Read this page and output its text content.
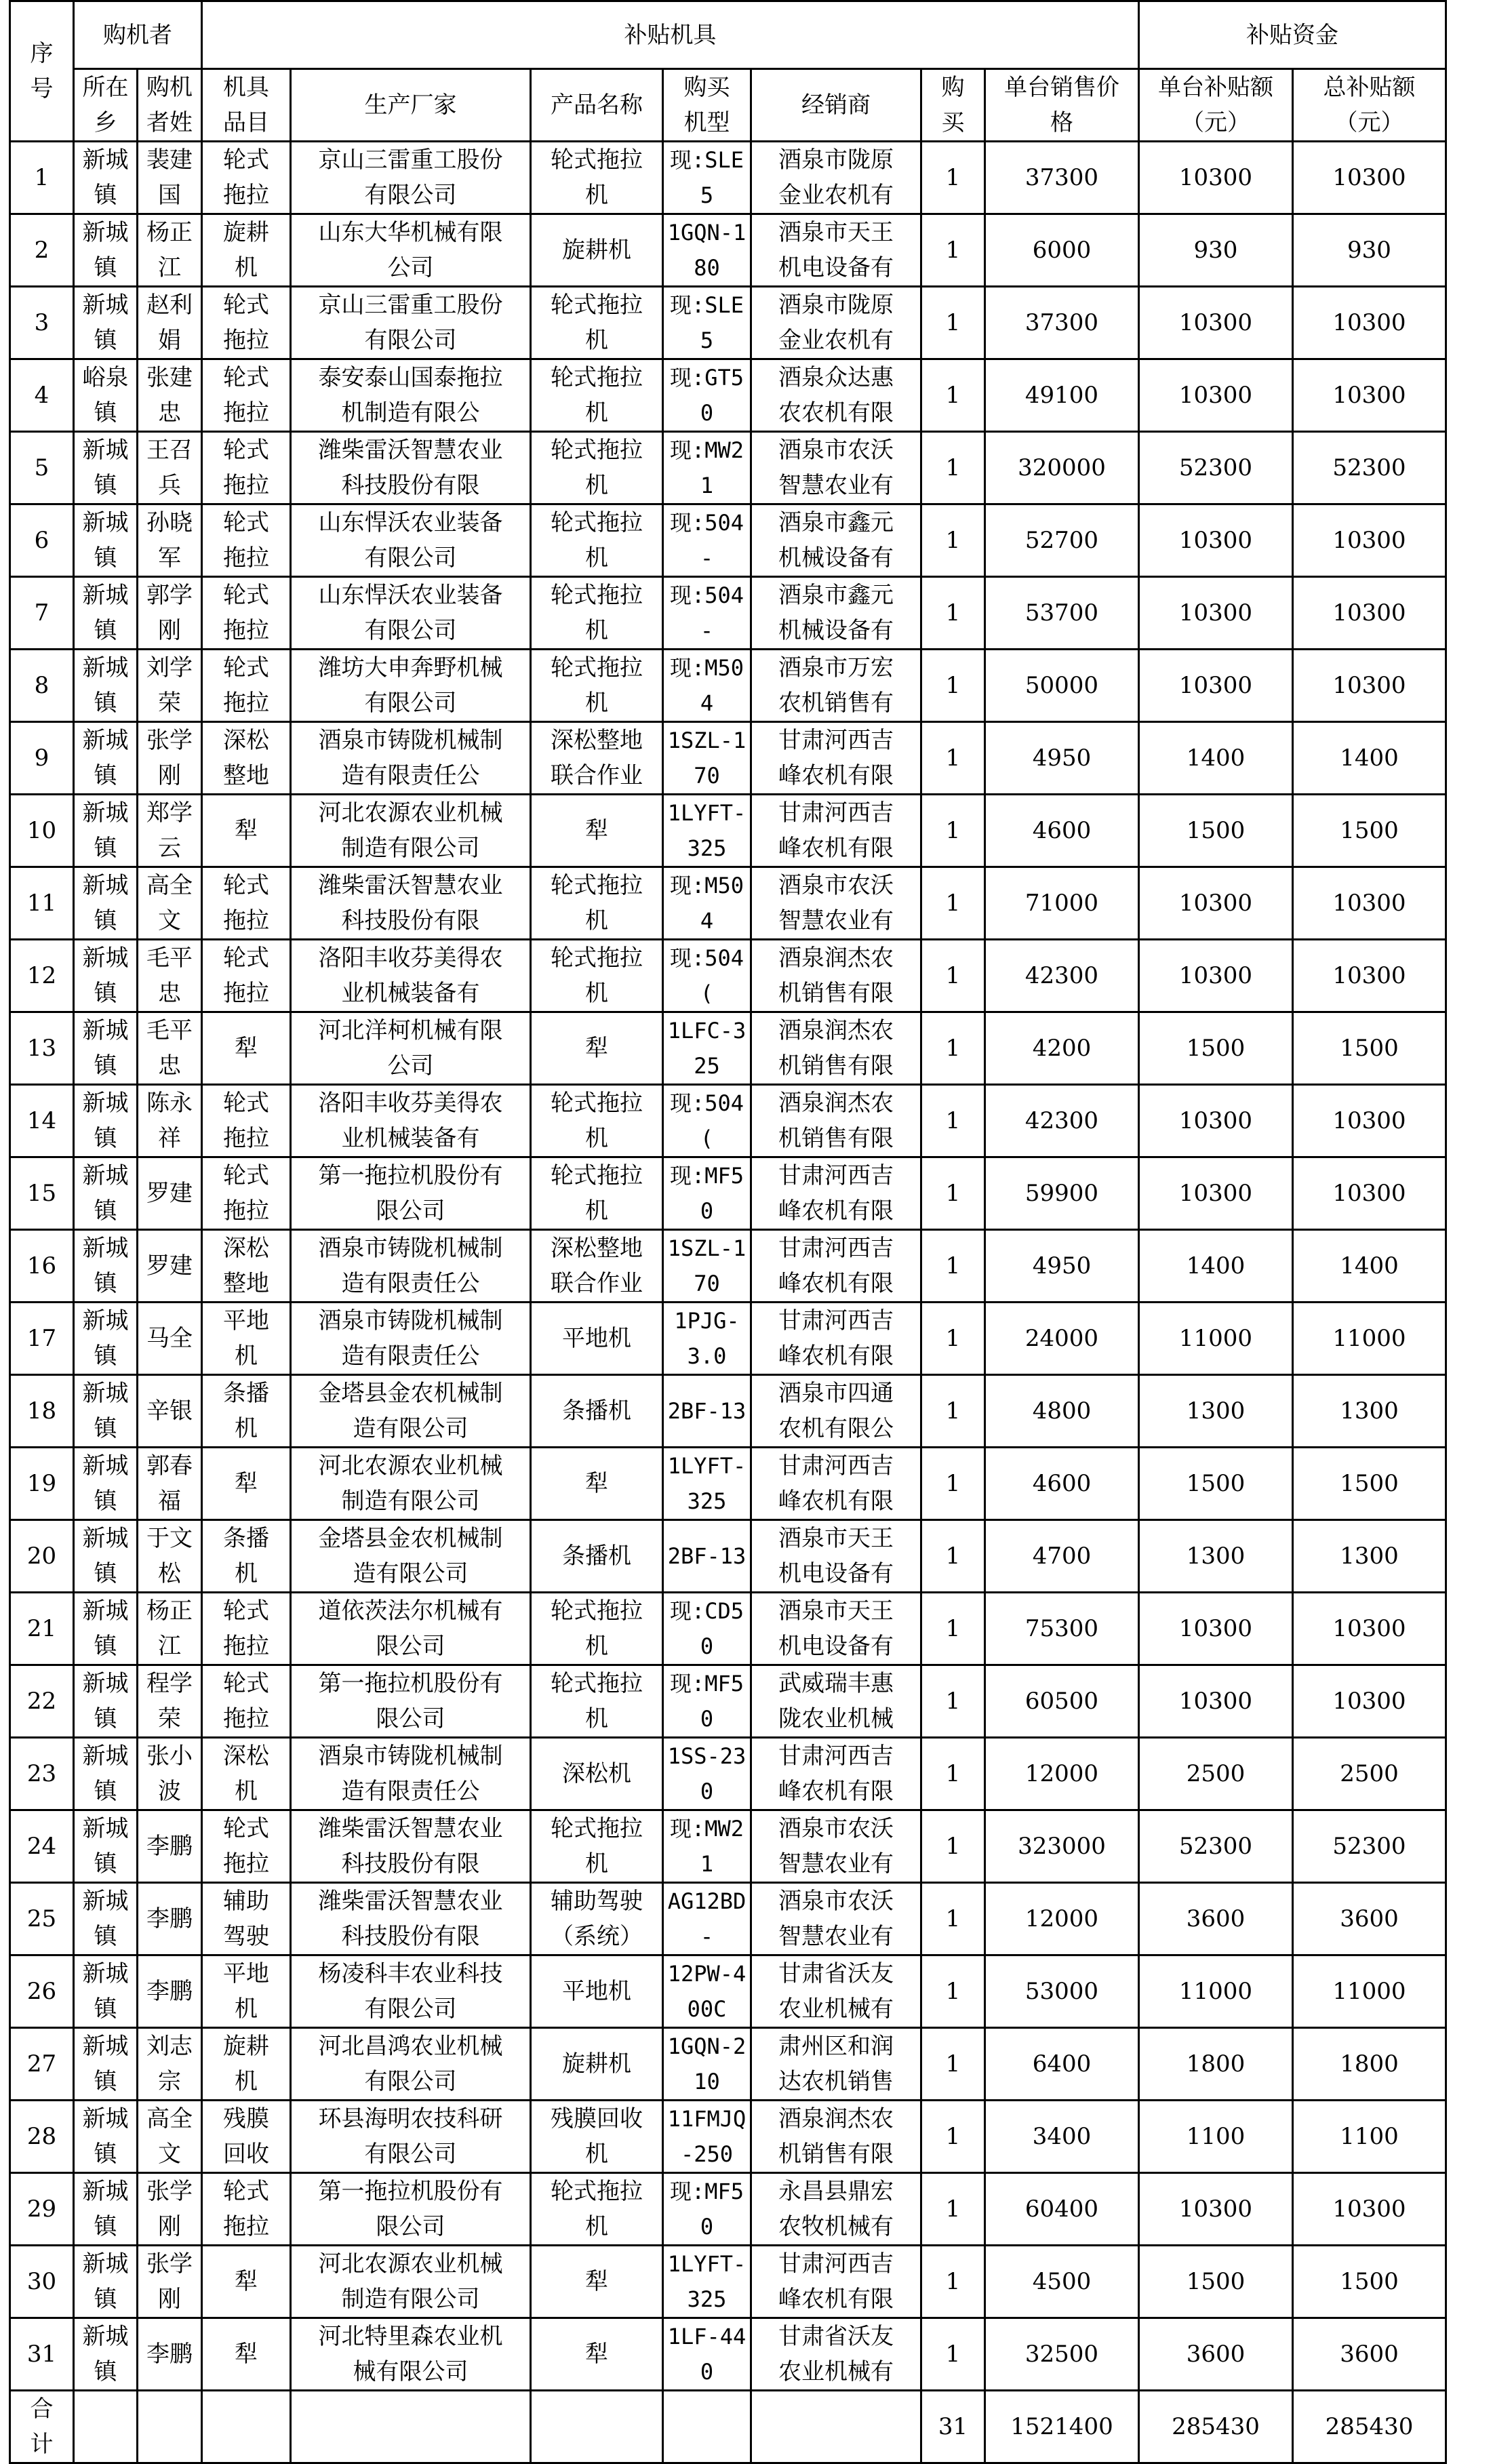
序号	购机者		补贴机具							补贴资金	

	所在乡	购机者姓	机具品目	生产厂家	产品名称	购买机型	经销商	购买	单台销售价格	单台补贴额（元）	总补贴额（元）

1	新城镇	裴建国	轮式拖拉	京山三雷重工股份有限公司	轮式拖拉机	现:SLE5	酒泉市陇原金业农机有	1	37300	10300	10300
2	新城镇	杨正江	旋耕机	山东大华机械有限公司	旋耕机	1GQN-180	酒泉市天王机电设备有	1	6000	930	930
3	新城镇	赵利娟	轮式拖拉	京山三雷重工股份有限公司	轮式拖拉机	现:SLE5	酒泉市陇原金业农机有	1	37300	10300	10300
4	峪泉镇	张建忠	轮式拖拉	泰安泰山国泰拖拉机制造有限公	轮式拖拉机	现:GT50	酒泉众达惠农农机有限	1	49100	10300	10300
5	新城镇	王召兵	轮式拖拉	潍柴雷沃智慧农业科技股份有限	轮式拖拉机	现:MW21	酒泉市农沃智慧农业有	1	320000	52300	52300
6	新城镇	孙晓军	轮式拖拉	山东悍沃农业装备有限公司	轮式拖拉机	现:504-	酒泉市鑫元机械设备有	1	52700	10300	10300
7	新城镇	郭学刚	轮式拖拉	山东悍沃农业装备有限公司	轮式拖拉机	现:504-	酒泉市鑫元机械设备有	1	53700	10300	10300
8	新城镇	刘学荣	轮式拖拉	潍坊大申奔野机械有限公司	轮式拖拉机	现:M504	酒泉市万宏农机销售有	1	50000	10300	10300
9	新城镇	张学刚	深松整地	酒泉市铸陇机械制造有限责任公	深松整地联合作业	1SZL-170	甘肃河西吉峰农机有限	1	4950	1400	1400
10	新城镇	郑学云	犁	河北农源农业机械制造有限公司	犁	1LYFT-325	甘肃河西吉峰农机有限	1	4600	1500	1500
11	新城镇	高全文	轮式拖拉	潍柴雷沃智慧农业科技股份有限	轮式拖拉机	现:M504	酒泉市农沃智慧农业有	1	71000	10300	10300
12	新城镇	毛平忠	轮式拖拉	洛阳丰收芬美得农业机械装备有	轮式拖拉机	现:504(	酒泉润杰农机销售有限	1	42300	10300	10300
13	新城镇	毛平忠	犁	河北洋柯机械有限公司	犁	1LFC-325	酒泉润杰农机销售有限	1	4200	1500	1500
14	新城镇	陈永祥	轮式拖拉	洛阳丰收芬美得农业机械装备有	轮式拖拉机	现:504(	酒泉润杰农机销售有限	1	42300	10300	10300
15	新城镇	罗建	轮式拖拉	第一拖拉机股份有限公司	轮式拖拉机	现:MF50	甘肃河西吉峰农机有限	1	59900	10300	10300
16	新城镇	罗建	深松整地	酒泉市铸陇机械制造有限责任公	深松整地联合作业	1SZL-170	甘肃河西吉峰农机有限	1	4950	1400	1400
17	新城镇	马全	平地机	酒泉市铸陇机械制造有限责任公	平地机	1PJG-3.0	甘肃河西吉峰农机有限	1	24000	11000	11000
18	新城镇	辛银	条播机	金塔县金农机械制造有限公司	条播机	2BF-13	酒泉市四通农机有限公	1	4800	1300	1300
19	新城镇	郭春福	犁	河北农源农业机械制造有限公司	犁	1LYFT-325	甘肃河西吉峰农机有限	1	4600	1500	1500
20	新城镇	于文松	条播机	金塔县金农机械制造有限公司	条播机	2BF-13	酒泉市天王机电设备有	1	4700	1300	1300
21	新城镇	杨正江	轮式拖拉	道依茨法尔机械有限公司	轮式拖拉机	现:CD50	酒泉市天王机电设备有	1	75300	10300	10300
22	新城镇	程学荣	轮式拖拉	第一拖拉机股份有限公司	轮式拖拉机	现:MF50	武威瑞丰惠陇农业机械	1	60500	10300	10300
23	新城镇	张小波	深松机	酒泉市铸陇机械制造有限责任公	深松机	1SS-230	甘肃河西吉峰农机有限	1	12000	2500	2500
24	新城镇	李鹏	轮式拖拉	潍柴雷沃智慧农业科技股份有限	轮式拖拉机	现:MW21	酒泉市农沃智慧农业有	1	323000	52300	52300
25	新城镇	李鹏	辅助驾驶	潍柴雷沃智慧农业科技股份有限	辅助驾驶（系统）	AG12BD-	酒泉市农沃智慧农业有	1	12000	3600	3600
26	新城镇	李鹏	平地机	杨凌科丰农业科技有限公司	平地机	12PW-400C	甘肃省沃友农业机械有	1	53000	11000	11000
27	新城镇	刘志宗	旋耕机	河北昌鸿农业机械有限公司	旋耕机	1GQN-210	肃州区和润达农机销售	1	6400	1800	1800
28	新城镇	高全文	残膜回收	环县海明农技科研有限公司	残膜回收机	11FMJQ-250	酒泉润杰农机销售有限	1	3400	1100	1100
29	新城镇	张学刚	轮式拖拉	第一拖拉机股份有限公司	轮式拖拉机	现:MF50	永昌县鼎宏农牧机械有	1	60400	10300	10300
30	新城镇	张学刚	犁	河北农源农业机械制造有限公司	犁	1LYFT-325	甘肃河西吉峰农机有限	1	4500	1500	1500
31	新城镇	李鹏	犁	河北特里森农业机械有限公司	犁	1LF-440	甘肃省沃友农业机械有	1	32500	3600	3600

合计								31	1521400	285430	285430
